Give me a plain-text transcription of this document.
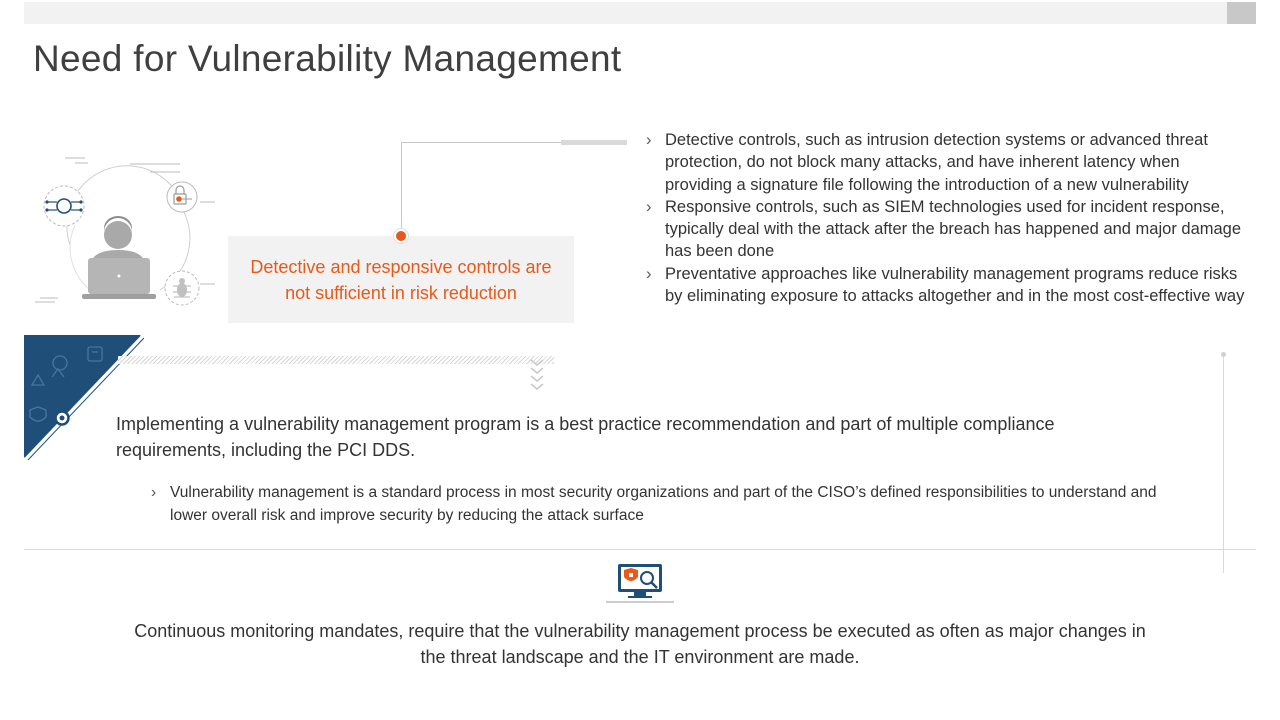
Need for Vulnerability Management
Detective and responsive controls are not sufficient in risk reduction
› Detective controls, such as intrusion detection systems or advanced threat protection, do not block many attacks, and have inherent latency when providing a signature file following the introduction of a new vulnerability
› Responsive controls, such as SIEM technologies used for incident response, typically deal with the attack after the breach has happened and major damage has been done
› Preventative approaches like vulnerability management programs reduce risks by eliminating exposure to attacks altogether and in the most cost-effective way

Implementing a vulnerability management program is a best practice recommendation and part of multiple compliance requirements, including the PCI DDS.

› Vulnerability management is a standard process in most security organizations and part of the CISO’s defined responsibilities to understand and lower overall risk and improve security by reducing the attack surface

Continuous monitoring mandates, require that the vulnerability management process be executed as often as major changes in the threat landscape and the IT environment are made.
